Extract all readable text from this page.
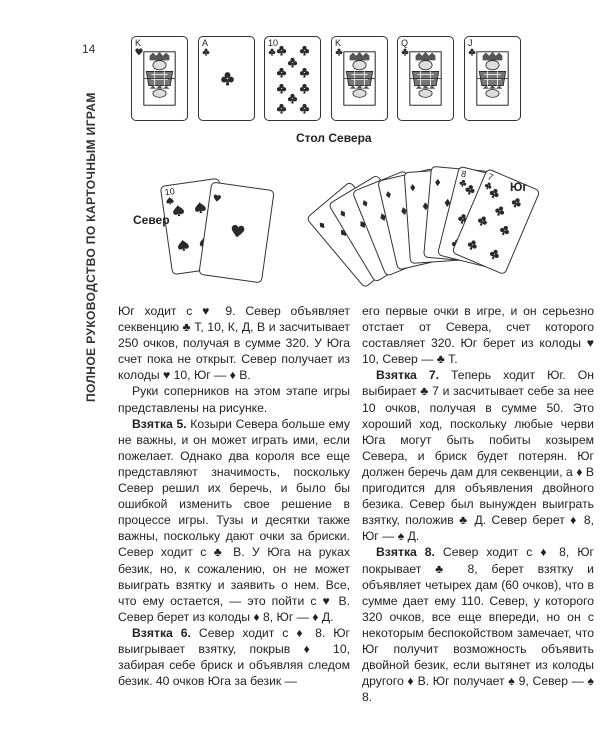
14
ПОЛНОЕ РУКОВОДСТВО ПО КАРТОЧНЫМ ИГРАМ
K	A	10	K	Q	J
Стол Севера
10
Север
8 7
Юг

Юг ходит с ♥ 9. Север объявляет секвенцию ♣ Т, 10, К, Д, В и засчитывает 250 очков, получая в сумме 320. У Юга счет пока не открыт. Север получает из колоды ♥ 10, Юг — ♦ В.

Руки соперников на этом этапе игры представлены на рисунке.

Взятка 5. Козыри Севера больше ему не важны, и он может играть ими, если пожелает. Однако два короля все еще представляют значимость, поскольку Север решил их беречь, и было бы ошибкой изменить свое решение в процессе игры. Тузы и десятки также важны, поскольку дают очки за бриски. Север ходит с ♣ В. У Юга на руках безик, но, к сожалению, он не может выиграть взятку и заявить о нем. Все, что ему остается, — это пойти с ♥ В. Север берет из колоды ♦ 8, Юг — ♦ Д.

Взятка 6. Север ходит с ♦ 8. Юг выигрывает взятку, покрыв ♦ 10, забирая себе бриск и объявляя следом безик. 40 очков Юга за безик —

его первые очки в игре, и он серьезно отстает от Севера, счет которого составляет 320. Юг берет из колоды ♥ 10, Север — ♣ Т.

Взятка 7. Теперь ходит Юг. Он выбирает ♣ 7 и засчитывает себе за нее 10 очков, получая в сумме 50. Это хороший ход, поскольку любые черви Юга могут быть побиты козырем Севера, и бриск будет потерян. Юг должен беречь дам для секвенции, а ♦ В пригодится для объявления двойного безика. Север был вынужден выиграть взятку, положив ♣ Д. Север берет ♦ 8, Юг — ♠ Д.

Взятка 8. Север ходит с ♦ 8, Юг покрывает ♣ 8, берет взятку и объявляет четырех дам (60 очков), что в сумме дает ему 110. Север, у которого 320 очков, все еще впереди, но он с некоторым беспокойством замечает, что Юг получит возможность объявить двойной безик, если вытянет из колоды другого ♦ В. Юг получает ♠ 9, Север — ♠ 8.
